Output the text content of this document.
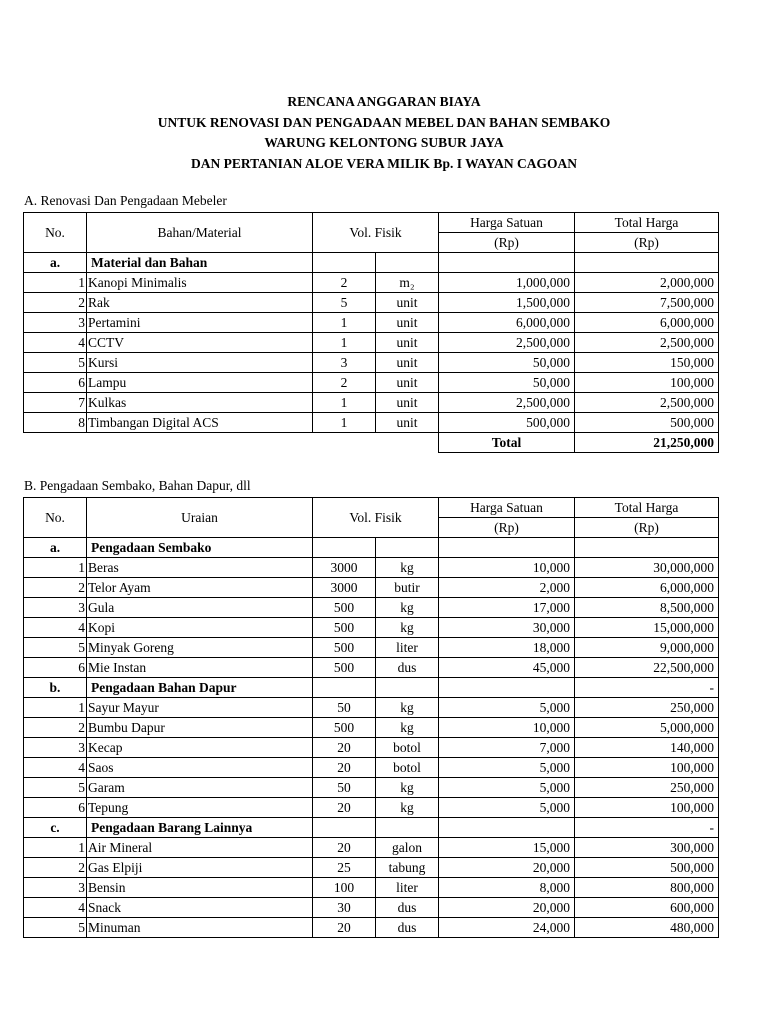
RENCANA ANGGARAN BIAYA
UNTUK RENOVASI DAN PENGADAAN MEBEL DAN BAHAN SEMBAKO
WARUNG KELONTONG SUBUR JAYA
DAN PERTANIAN ALOE VERA MILIK Bp. I WAYAN CAGOAN
A. Renovasi Dan Pengadaan Mebeler
No.	Bahan/Material	Vol. Fisik		Harga Satuan	Total Harga
				(Rp)	(Rp)
a.	Material dan Bahan				
1	Kanopi Minimalis	2	m₂	1,000,000	2,000,000
2	Rak	5	unit	1,500,000	7,500,000
3	Pertamini	1	unit	6,000,000	6,000,000
4	CCTV	1	unit	2,500,000	2,500,000
5	Kursi	3	unit	50,000	150,000
6	Lampu	2	unit	50,000	100,000
7	Kulkas	1	unit	2,500,000	2,500,000
8	Timbangan Digital ACS	1	unit	500,000	500,000
				Total	21,250,000
B. Pengadaan Sembako, Bahan Dapur, dll
No.	Uraian	Vol. Fisik		Harga Satuan	Total Harga
				(Rp)	(Rp)
a.	Pengadaan Sembako				
1	Beras	3000	kg	10,000	30,000,000
2	Telor Ayam	3000	butir	2,000	6,000,000
3	Gula	500	kg	17,000	8,500,000
4	Kopi	500	kg	30,000	15,000,000
5	Minyak Goreng	500	liter	18,000	9,000,000
6	Mie Instan	500	dus	45,000	22,500,000
b.	Pengadaan Bahan Dapur				-
1	Sayur Mayur	50	kg	5,000	250,000
2	Bumbu Dapur	500	kg	10,000	5,000,000
3	Kecap	20	botol	7,000	140,000
4	Saos	20	botol	5,000	100,000
5	Garam	50	kg	5,000	250,000
6	Tepung	20	kg	5,000	100,000
c.	Pengadaan Barang Lainnya				-
1	Air Mineral	20	galon	15,000	300,000
2	Gas Elpiji	25	tabung	20,000	500,000
3	Bensin	100	liter	8,000	800,000
4	Snack	30	dus	20,000	600,000
5	Minuman	20	dus	24,000	480,000
